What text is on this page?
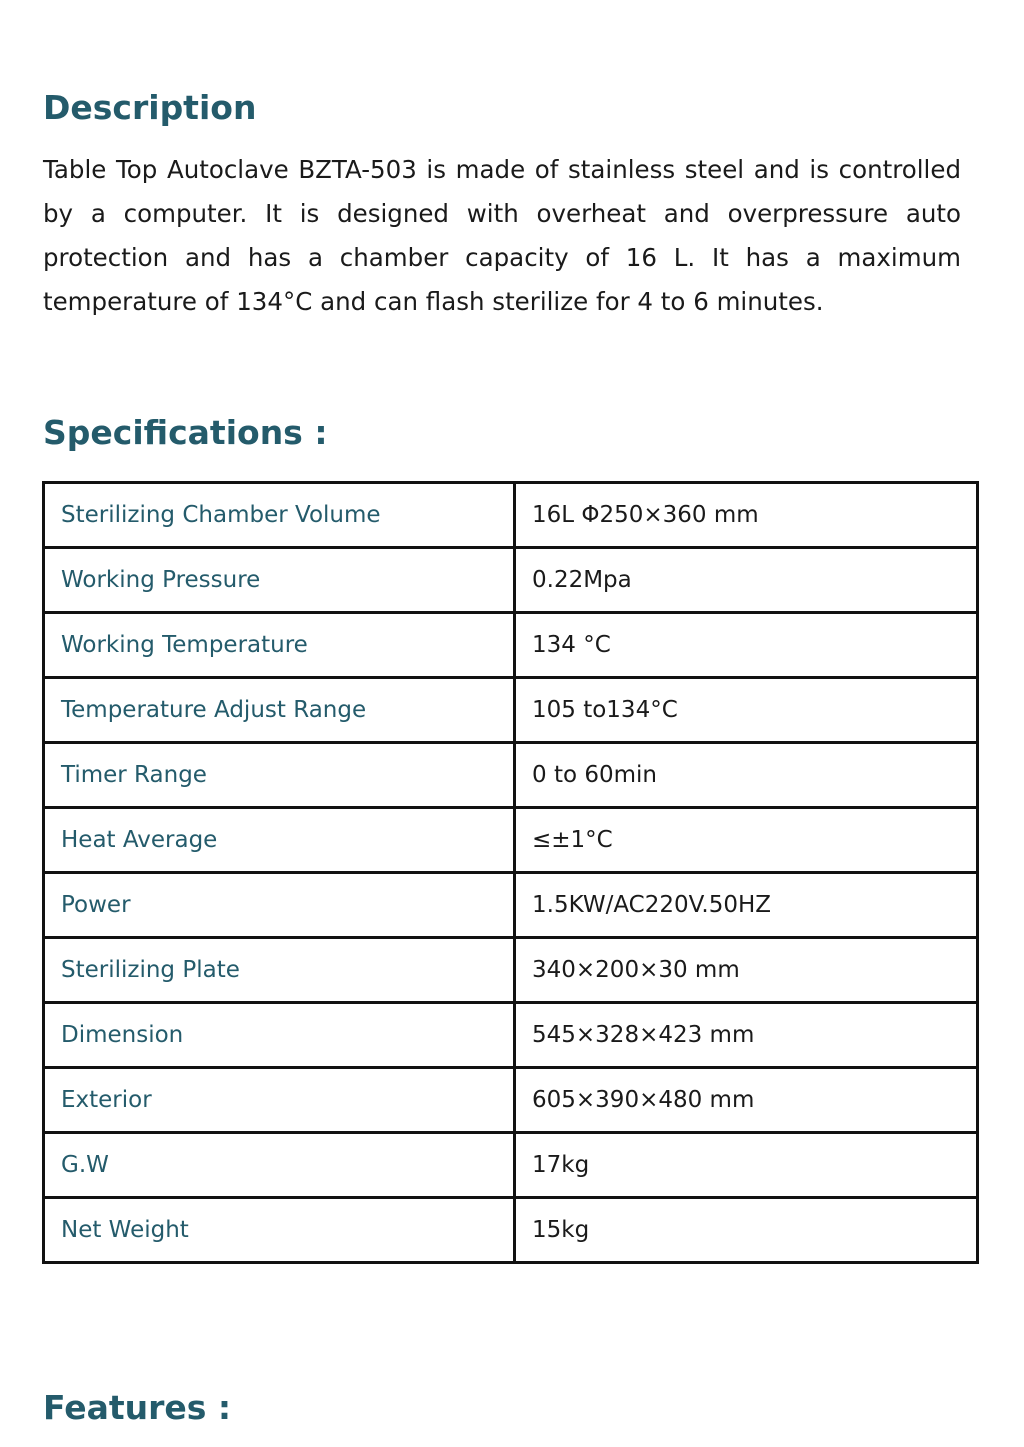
Description

Table Top Autoclave BZTA-503 is made of stainless steel and is controlled by a computer. It is designed with overheat and overpressure auto protection and has a chamber capacity of 16 L. It has a maximum temperature of 134°C and can flash sterilize for 4 to 6 minutes.

Specifications :
Sterilizing Chamber Volume	16L Φ250×360 mm
Working Pressure	0.22Mpa
Working Temperature	134 °C
Temperature Adjust Range	105 to134°C
Timer Range	0 to 60min
Heat Average	≤±1°C
Power	1.5KW/AC220V.50HZ
Sterilizing Plate	340×200×30 mm
Dimension	545×328×423 mm
Exterior	605×390×480 mm
G.W	17kg
Net Weight	15kg
Features :
